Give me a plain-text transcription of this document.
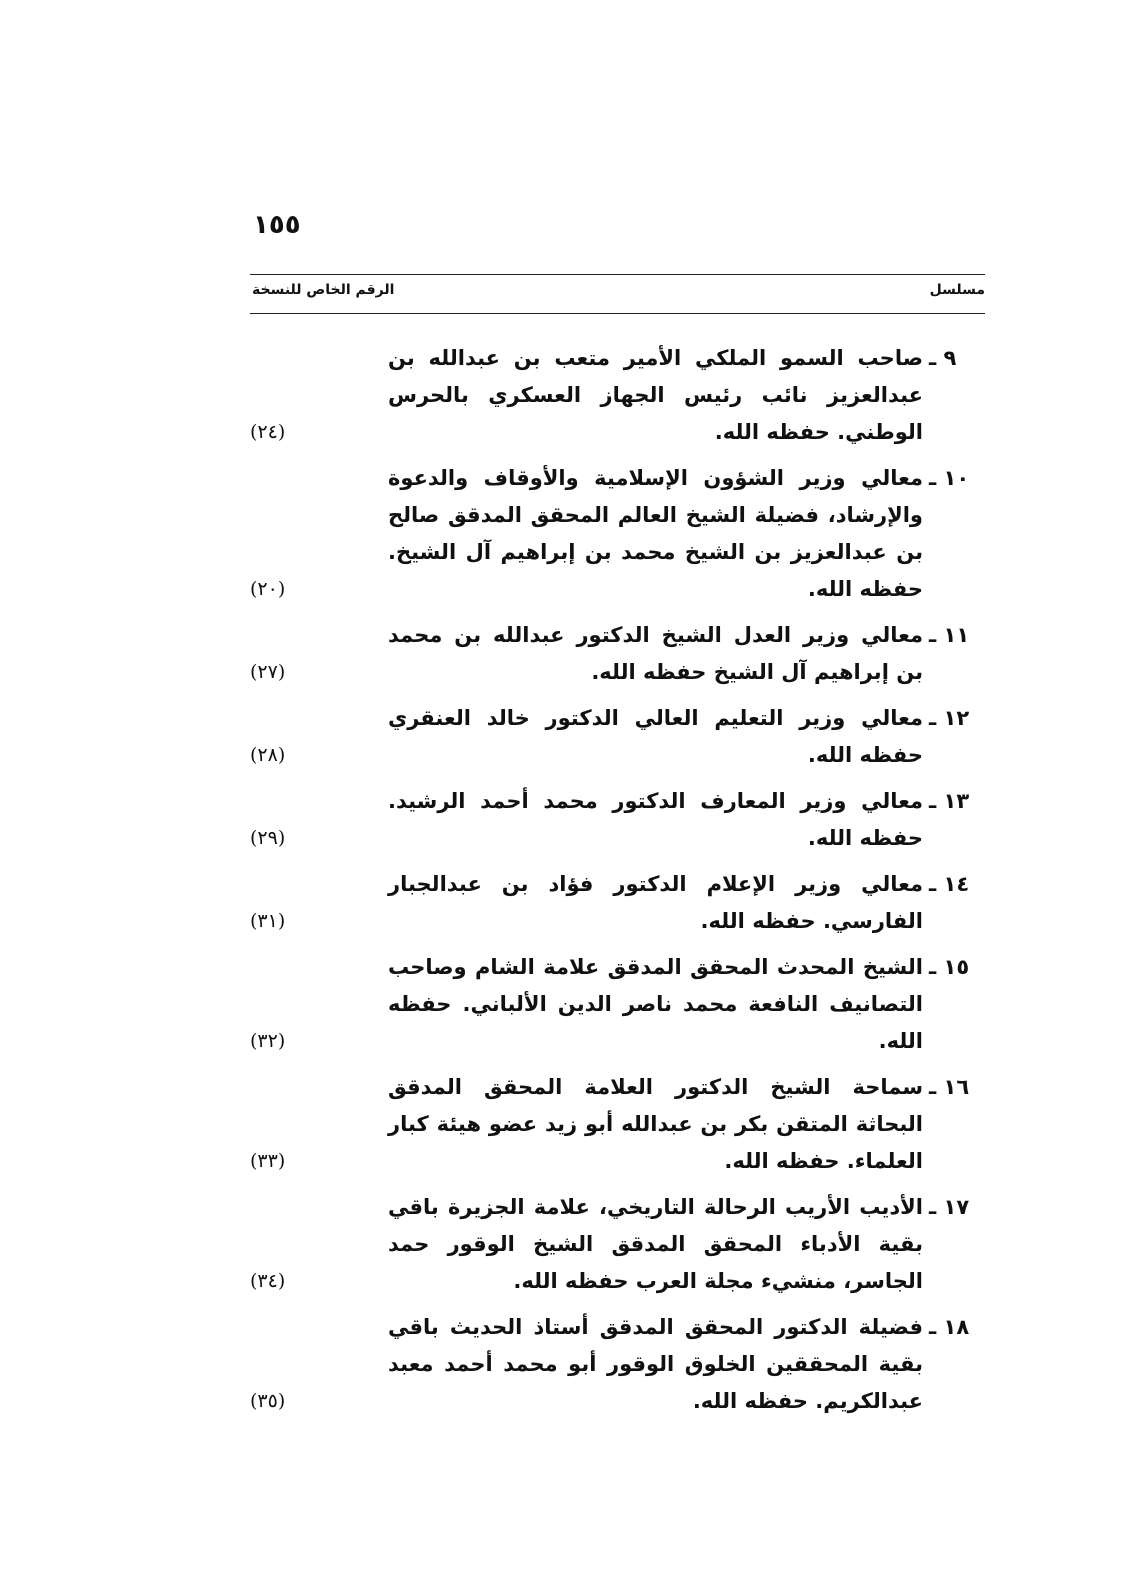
١٥٥
مسلسل
الرقم الخاص للنسخة
٩ ـ
صاحب السمو الملكي الأمير متعب بن عبدالله بن عبدالعزيز نائب رئيس الجهاز العسكري بالحرس الوطني. حفظه الله.
(٢٤)
١٠ ـ
معالي وزير الشؤون الإسلامية والأوقاف والدعوة والإرشاد، فضيلة الشيخ العالم المحقق المدقق صالح بن عبدالعزيز بن الشيخ محمد بن إبراهيم آل الشيخ. حفظه الله.
(٢٠)
١١ ـ
معالي وزير العدل الشيخ الدكتور عبدالله بن محمد بن إبراهيم آل الشيخ حفظه الله.
(٢٧)
١٢ ـ
معالي وزير التعليم العالي الدكتور خالد العنقري حفظه الله.
(٢٨)
١٣ ـ
معالي وزير المعارف الدكتور محمد أحمد الرشيد. حفظه الله.
(٢٩)
١٤ ـ
معالي وزير الإعلام الدكتور فؤاد بن عبدالجبار الفارسي. حفظه الله.
(٣١)
١٥ ـ
الشيخ المحدث المحقق المدقق علامة الشام وصاحب التصانيف النافعة محمد ناصر الدين الألباني. حفظه الله.
(٣٢)
١٦ ـ
سماحة الشيخ الدكتور العلامة المحقق المدقق البحاثة المتقن بكر بن عبدالله أبو زيد عضو هيئة كبار العلماء. حفظه الله.
(٣٣)
١٧ ـ
الأديب الأريب الرحالة التاريخي، علامة الجزيرة باقي بقية الأدباء المحقق المدقق الشيخ الوقور حمد الجاسر، منشيء مجلة العرب حفظه الله.
(٣٤)
١٨ ـ
فضيلة الدكتور المحقق المدقق أستاذ الحديث باقي بقية المحققين الخلوق الوقور أبو محمد أحمد معبد عبدالكريم. حفظه الله.
(٣٥)
